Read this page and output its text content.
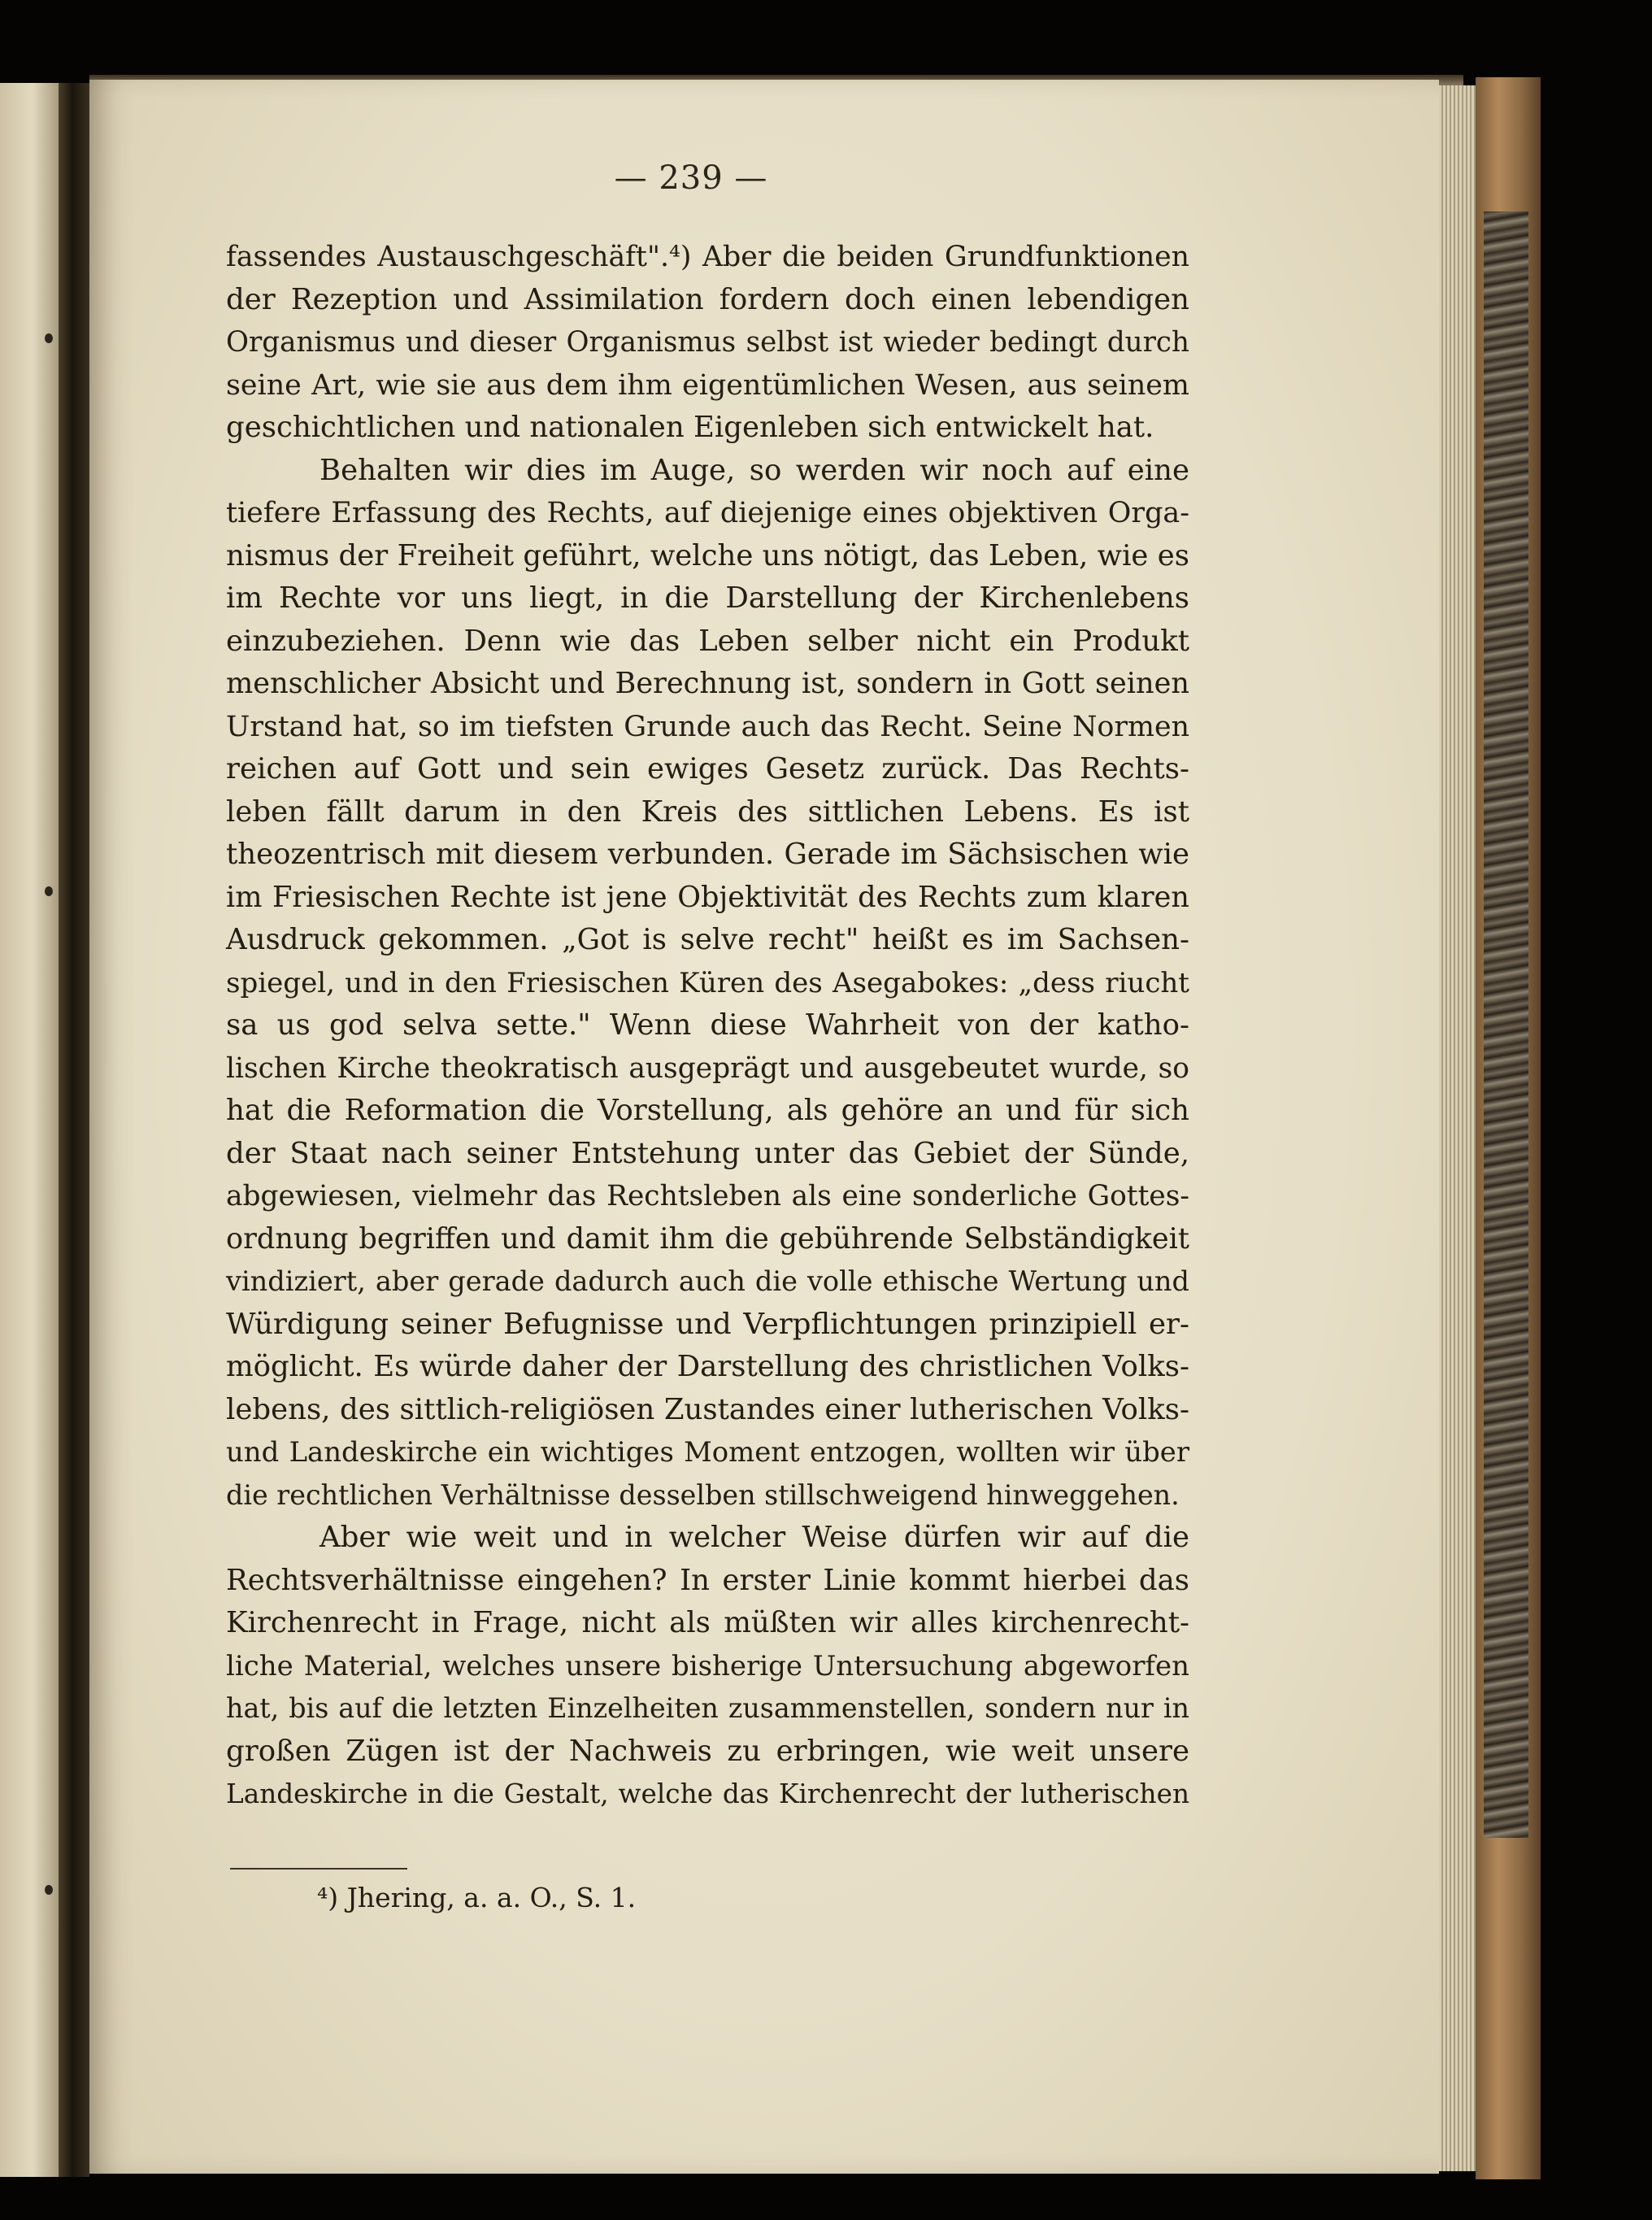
— 239 —
fassendes Austauschgeschäft".⁴) Aber die beiden Grundfunktionen
der Rezeption und Assimilation fordern doch einen lebendigen
Organismus und dieser Organismus selbst ist wieder bedingt durch
seine Art, wie sie aus dem ihm eigentümlichen Wesen, aus seinem
geschichtlichen und nationalen Eigenleben sich entwickelt hat.
Behalten wir dies im Auge, so werden wir noch auf eine
tiefere Erfassung des Rechts, auf diejenige eines objektiven Orga-
nismus der Freiheit geführt, welche uns nötigt, das Leben, wie es
im Rechte vor uns liegt, in die Darstellung der Kirchenlebens
einzubeziehen. Denn wie das Leben selber nicht ein Produkt
menschlicher Absicht und Berechnung ist, sondern in Gott seinen
Urstand hat, so im tiefsten Grunde auch das Recht. Seine Normen
reichen auf Gott und sein ewiges Gesetz zurück. Das Rechts-
leben fällt darum in den Kreis des sittlichen Lebens. Es ist
theozentrisch mit diesem verbunden. Gerade im Sächsischen wie
im Friesischen Rechte ist jene Objektivität des Rechts zum klaren
Ausdruck gekommen. „Got is selve recht" heißt es im Sachsen-
spiegel, und in den Friesischen Küren des Asegabokes: „dess riucht
sa us god selva sette." Wenn diese Wahrheit von der katho-
lischen Kirche theokratisch ausgeprägt und ausgebeutet wurde, so
hat die Reformation die Vorstellung, als gehöre an und für sich
der Staat nach seiner Entstehung unter das Gebiet der Sünde,
abgewiesen, vielmehr das Rechtsleben als eine sonderliche Gottes-
ordnung begriffen und damit ihm die gebührende Selbständigkeit
vindiziert, aber gerade dadurch auch die volle ethische Wertung und
Würdigung seiner Befugnisse und Verpflichtungen prinzipiell er-
möglicht. Es würde daher der Darstellung des christlichen Volks-
lebens, des sittlich-religiösen Zustandes einer lutherischen Volks-
und Landeskirche ein wichtiges Moment entzogen, wollten wir über
die rechtlichen Verhältnisse desselben stillschweigend hinweggehen.
Aber wie weit und in welcher Weise dürfen wir auf die
Rechtsverhältnisse eingehen? In erster Linie kommt hierbei das
Kirchenrecht in Frage, nicht als müßten wir alles kirchenrecht-
liche Material, welches unsere bisherige Untersuchung abgeworfen
hat, bis auf die letzten Einzelheiten zusammenstellen, sondern nur in
großen Zügen ist der Nachweis zu erbringen, wie weit unsere
Landeskirche in die Gestalt, welche das Kirchenrecht der lutherischen
⁴) Jhering, a. a. O., S. 1.
